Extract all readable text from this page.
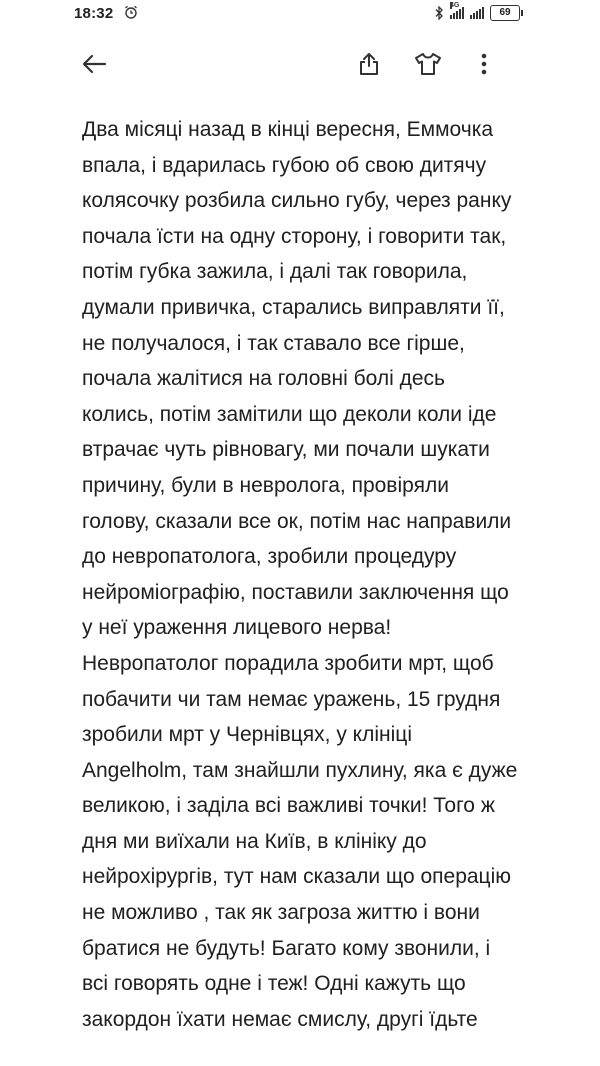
18:32	4G
69
Два місяці назад в кінці вересня, Еммочка
впала, і вдарилась губою об свою дитячу
колясочку розбила сильно губу, через ранку
почала їсти на одну сторону, і говорити так,
потім губка зажила, і далі так говорила,
думали привичка, старались виправляти її,
не получалося, і так ставало все гірше,
почала жалітися на головні болі десь
колись, потім замітили що деколи коли іде
втрачає чуть рівновагу, ми почали шукати
причину, були в невролога, провіряли
голову, сказали все ок, потім нас направили
до невропатолога, зробили процедуру
нейроміографію, поставили заключення що
у неї ураження лицевого нерва!
Невропатолог порадила зробити мрт, щоб
побачити чи там немає уражень, 15 грудня
зробили мрт у Чернівцях, у клініці
Angelholm, там знайшли пухлину, яка є дуже
великою, і заділа всі важливі точки! Того ж
дня ми виїхали на Київ, в клініку до
нейрохірургів, тут нам сказали що операцію
не можливо , так як загроза життю і вони
братися не будуть! Багато кому звонили, і
всі говорять одне і теж! Одні кажуть що
закордон їхати немає смислу, другі їдьте
